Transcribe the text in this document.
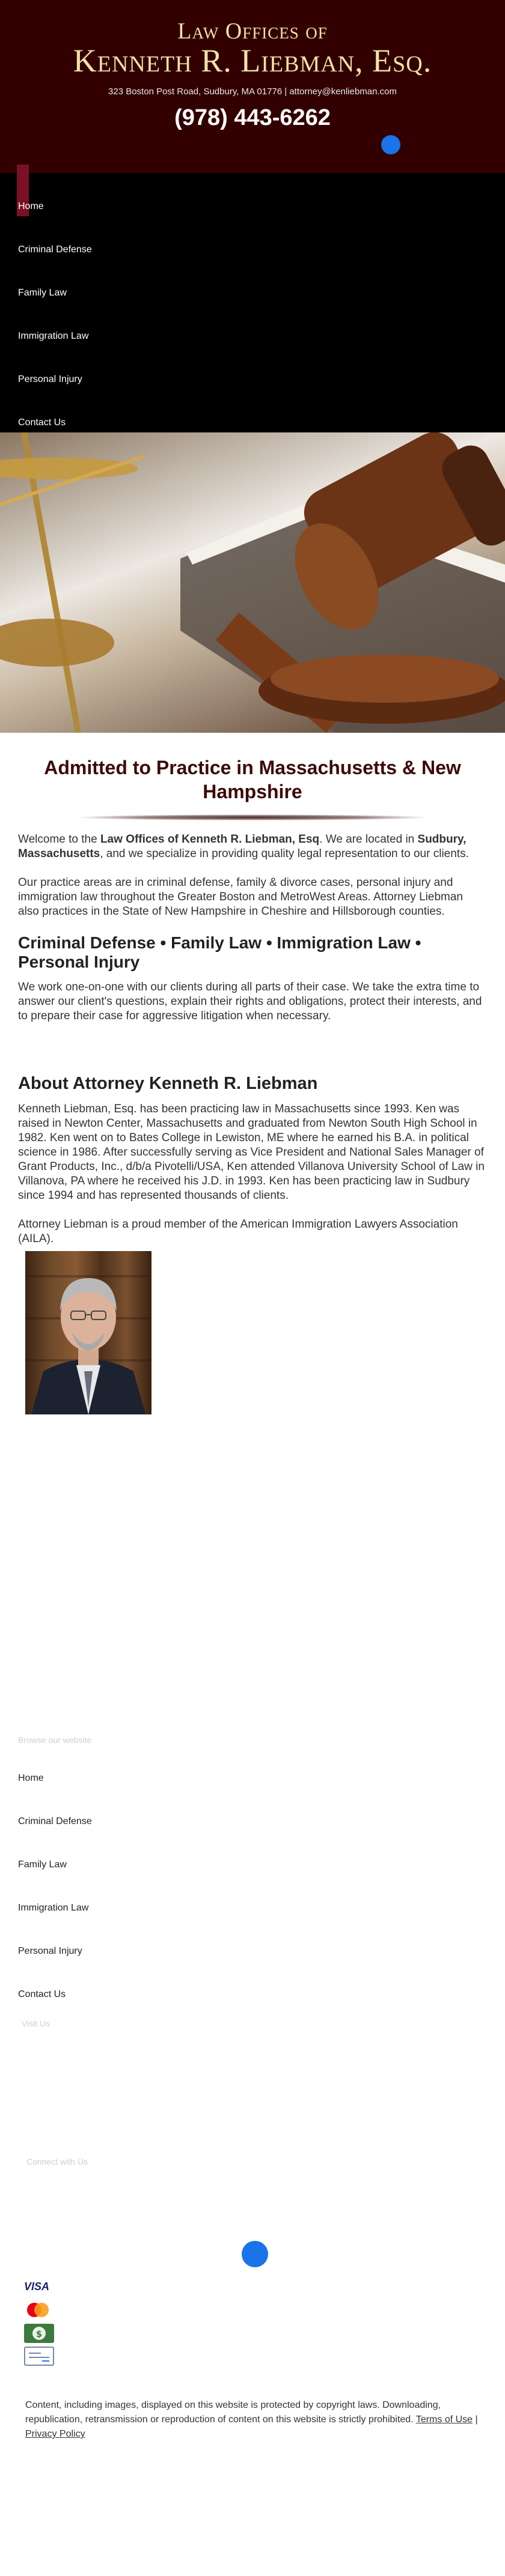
Law Offices of
Kenneth R. Liebman, Esq.
323 Boston Post Road, Sudbury, MA 01776 | attorney@kenliebman.com
(978) 443-6262
Home
Criminal Defense
Family Law
Immigration Law
Personal Injury
Contact Us
Admitted to Practice in Massachusetts & New Hampshire

Welcome to the Law Offices of Kenneth R. Liebman, Esq. We are located in Sudbury, Massachusetts, and we specialize in providing quality legal representation to our clients.

Our practice areas are in criminal defense, family & divorce cases, personal injury and immigration law throughout the Greater Boston and MetroWest Areas. Attorney Liebman also practices in the State of New Hampshire in Cheshire and Hillsborough counties.

Criminal Defense • Family Law • Immigration Law • Personal Injury

We work one-on-one with our clients during all parts of their case. We take the extra time to answer our client's questions, explain their rights and obligations, protect their interests, and to prepare their case for aggressive litigation when necessary.

About Attorney Kenneth R. Liebman

Kenneth Liebman, Esq. has been practicing law in Massachusetts since 1993. Ken was raised in Newton Center, Massachusetts and graduated from Newton South High School in 1982. Ken went on to Bates College in Lewiston, ME where he earned his B.A. in political science in 1986. After successfully serving as Vice President and National Sales Manager of Grant Products, Inc., d/b/a Pivotelli/USA, Ken attended Villanova University School of Law in Villanova, PA where he received his J.D. in 1993. Ken has been practicing law in Sudbury since 1994 and has represented thousands of clients.

Attorney Liebman is a proud member of the American Immigration Lawyers Association (AILA).

Browse our website
Home
Criminal Defense
Family Law
Immigration Law
Personal Injury
Contact Us
Visit Us
Connect with Us
VISA
$
Content, including images, displayed on this website is protected by copyright laws. Downloading, republication, retransmission or reproduction of content on this website is strictly prohibited. Terms of Use | Privacy Policy
